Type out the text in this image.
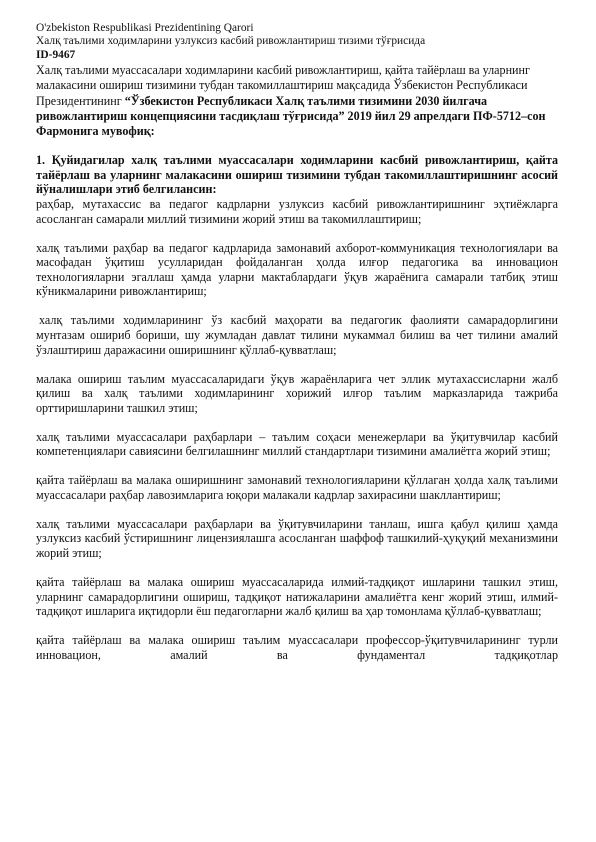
O'zbekiston Respublikasi Prezidentining Qarori
Халқ таълими ходимларини узлуксиз касбий ривожлантириш тизими тўғрисида
ID-9467
Халқ таълими муассасалари ходимларини касбий ривожлантириш, қайта тайёрлаш ва уларнинг малакасини ошириш тизимини тубдан такомиллаштириш мақсадида Ўзбекистон Республикаси Президентининг “Ўзбекистон Республикаси Халқ таълими тизимини 2030 йилгача ривожлантириш концепциясини тасдиқлаш тўғрисида” 2019 йил 29 апрелдаги ПФ-5712–сон Фармонига мувофиқ:
1. Қуйидагилар халқ таълими муассасалари ходимларини касбий ривожлантириш, қайта тайёрлаш ва уларнинг малакасини ошириш тизимини тубдан такомиллаштиришнинг асосий йўналишлари этиб белгилансин:
раҳбар, мутахассис ва педагог кадрларни узлуксиз касбий ривожлантиришнинг эҳтиёжларга асосланган самарали миллий тизимини жорий этиш ва такомиллаштириш;
халқ таълими раҳбар ва педагог кадрларида замонавий ахборот-коммуникация технологиялари ва масофадан ўқитиш усулларидан фойдаланган ҳолда илғор педагогика ва инновацион технологияларни эгаллаш ҳамда уларни мактаблардаги ўқув жараёнига самарали татбиқ этиш кўникмаларини ривожлантириш;
халқ таълими ходимларининг ўз касбий маҳорати ва педагогик фаолияти самарадорлигини мунтазам ошириб бориши, шу жумладан давлат тилини мукаммал билиш ва чет тилини амалий ўзлаштириш даражасини оширишнинг қўллаб-қувватлаш;
малака ошириш таълим муассасаларидаги ўқув жараёнларига чет эллик мутахассисларни жалб қилиш ва халқ таълими ходимларининг хорижий илғор таълим марказларида тажриба орттиришларини ташкил этиш;
халқ таълими муассасалари раҳбарлари – таълим соҳаси менежерлари ва ўқитувчилар касбий компетенциялари савиясини белгилашнинг миллий стандартлари тизимини амалиётга жорий этиш;
қайта тайёрлаш ва малака оширишнинг замонавий технологияларини қўллаган ҳолда халқ таълими муассасалари раҳбар лавозимларига юқори малакали кадрлар захирасини шакллантириш;
халқ таълими муассасалари раҳбарлари ва ўқитувчиларини танлаш, ишга қабул қилиш ҳамда узлуксиз касбий ўстиришнинг лицензиялашга асосланган шаффоф ташкилий-ҳуқуқий механизмини жорий этиш;
қайта тайёрлаш ва малака ошириш муассасаларида илмий-тадқиқот ишларини ташкил этиш, уларнинг самарадорлигини ошириш, тадқиқот натижаларини амалиётга кенг жорий этиш, илмий-тадқиқот ишларига иқтидорли ёш педагогларни жалб қилиш ва ҳар томонлама қўллаб-қувватлаш;
қайта тайёрлаш ва малака ошириш таълим муассасалари профессор-ўқитувчиларининг турли инновацион, амалий ва фундаментал тадқиқотлар
